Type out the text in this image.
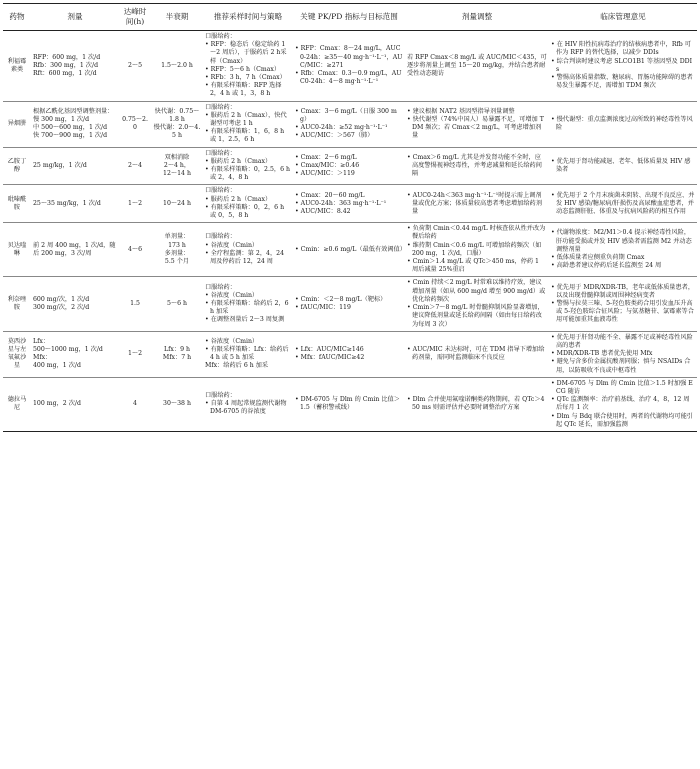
药物	剂量	达峰时间(h)	半衰期	推荐采样时间与策略	关键 PK/PD 指标与目标范围	剂量调整	临床管理意见
利福霉素类	RFP：600 mg，1 次/d
Rfb：300 mg，1 次/d
Rft：600 mg，1 次/d	2～5	1.5～2.0 h	口服给药：
• RFP：稳态后（稳定给药 1～2 周后），于服药后 2 h采样（Cmax）
• RFP：5～6 h（Cmax）
• RFb：3 h，7 h（Cmax）
• 有限采样策略：RFP 选择 2，4 h 或 1，3，8 h	• RFP：Cmax：8～24 mg/L，AUC0-24h：≥35～40 mg·h⁻¹·L⁻¹，AUC/MIC：≥271
• Rfb：Cmax：0.3～0.9 mg/L，AUC0-24h：4～8 mg·h⁻¹·L⁻¹	若 RFP Cmax＜8 mg/L 或 AUC/MIC＜435，可逐步将剂量上调至 15～20 mg/kg，并结合患者耐受性动态随访	• 在 HIV 阳性抗病毒治疗的结核病患者中，Rfb 可作为 RFP 的替代选择，以减少 DDIs
• 综合判读时建议考虑 SLCO1B1 等基因型及 DDIs
• 警惕高体质量指数、糖尿病、胃肠功能障碍的患者易发生暴露不足，需增加 TDM 频次

异烟肼	根据乙酰化基因型调整剂量：
慢 300 mg，1 次/d
中 500～600 mg，1 次/d
快 700～900 mg，1 次/d	0.75～2.0	快代谢：0.75～1.8 h
慢代谢：2.0～4.5 h	口服给药：
• 服药后 2 h（Cmax），快代谢型可考虑 1 h
• 有限采样策略：1，6，8 h 或 1，2.5，6 h	• Cmax：3～6 mg/L（日服 300 mg）
• AUC0-24h：≥52 mg·h⁻¹·L⁻¹
• AUC/MIC：＞567（肺）	• 建议根据 NAT2 基因型指导剂量调整
• 快代谢型（74%中国人）易暴露不足，可增加 TDM 频次；若 Cmax＜2 mg/L，可考虑增加剂量	• 慢代谢型：重点监测浓度过高所致的神经毒性等风险

乙胺丁醇	25 mg/kg，1 次/d	2～4	双相消除
2～4 h，
12～14 h	口服给药：
• 服药后 2 h（Cmax）
• 有限采样策略：0，2.5，6 h 或 2，4，8 h	• Cmax：2～6 mg/L
• Cmax/MIC：≥0.46
• AUC/MIC：＞119	• Cmax＞6 mg/L 尤其是并发肾功能不全时，应高度警惕视神经毒性，并考虑减量和延长给药间隔	• 优先用于肾功能减退、老年、低体质量及 HIV 感染者

吡嗪酰胺	25～35 mg/kg，1 次/d	1～2	10～24 h	口服给药：
• 服药后 2 h（Cmax）
• 有限采样策略：0，2，6 h 或 0，5，8 h	• Cmax：20～60 mg/L
• AUC0-24h：363 mg·h⁻¹·L⁻¹
• AUC/MIC：8.42	• AUC0-24h＜363 mg·h⁻¹·L⁻¹时提示需上调剂量或优化方案；体质量较高患者考虑增加给药剂量	• 优先用于 2 个月末痰菌未阴转、出现不良反应、并发 HIV 感染/糖尿病/肝损伤及高尿酸血症患者，并动态监测肝脏、体重及与抗病风险药的相互作用

贝达喹啉	前 2 周 400 mg，1 次/d，随后 200 mg，3 次/周	4～6	单剂量：
173 h
多剂量：
5.5 个月	口服给药：
• 谷浓度（Cmin）
• 全疗程监测：第 2，4，24 周及停药后 12，24 周	• Cmin：≥0.6 mg/L（最低有效阈值）	• 负荷期 Cmin＜0.44 mg/L 时核查依从性并改为餐后给药
• 维持期 Cmin＜0.6 mg/L 可增加给药频次（如 200 mg，1 次/d，口服）
• Cmin＞1.4 mg/L 或 QTc＞450 ms，停药 1 周后减量 25%重启	• 代谢物浓度：M2/M1＞0.4 提示神经毒性风险，肝功能受损或并发 HIV 感染者需监测 M2 并动态调整剂量
• 低体质量者应侧重负荷期 Cmax
• 高龄患者建议停药后延长监测至 24 周

利奈唑胺	600 mg/次，1 次/d
300 mg/次，2 次/d	1.5	5～6 h	口服给药：
• 谷浓度（Cmin）
• 有限采样策略：给药后 2，6 h 加采
• 在调整剂量后 2～3 周复测	• Cmin：＜2～8 mg/L（靶标）
• fAUC/MIC：119	• Cmin 持续＜2 mg/L 时常难以维持疗效，建议增加剂量（如从 600 mg/d 增至 900 mg/d）或优化给药频次
• Cmin＞7～8 mg/L 时骨髓抑制风险显著增加，建议降低剂量或延长给药间隔（如由每日给药改为每周 3 次）	• 优先用于 MDR/XDR-TB，老年或低体质量患者，以及出现骨髓抑制或周围神经病变者
• 警惕与拉莫三嗪、5-羟色胺类药合用引发血压升高或 5-羟色胺综合征风险；与氨基糖苷、氯霉素等合用可能加重其血液毒性

莫西沙星与左氧氟沙星	Lfx：
500～1000 mg，1 次/d
Mfx：
400 mg，1 次/d	1～2	Lfx：9 h
Mfx：7 h	• 谷浓度（Cmin）
• 有限采样策略：Lfx：给药后 4 h 或 5 h 加采
Mfx：给药后 6 h 加采	• Lfx：AUC/MIC≥146
• Mfx：fAUC/MIC≥42	• AUC/MIC 未达标时，可在 TDM 指导下增加给药剂量，需同时监测临床不良反应	• 优先用于肝肾功能不全、暴露不足或神经毒性风险高的患者
• MDR/XDR-TB 患者优先使用 Mfx
• 避免与含多价金属抗酸剂同服；慎与 NSAIDs 合用，以防吸收不良或中枢毒性

德拉马尼	100 mg，2 次/d	4	30～38 h	口服给药：
• 自第 4 周起常规监测代谢物 DM-6705 的谷浓度	• DM-6705 与 Dlm 的 Cmin 比值＞1.5（蓄积警戒线）	• Dlm 合并使用氟喹诺酮类药物期间，若 QTc＞450 ms 则需评估并必要时调整治疗方案	• DM-6705 与 Dlm 的 Cmin 比值＞1.5 时加强 ECG 随访
• QTc 监测频率：治疗前基线、治疗 4，8，12 周后每月 1 次
• Dlm 与 Bdq 联合使用时，两者的代谢物均可能引起 QTc 延长，需加强监测
